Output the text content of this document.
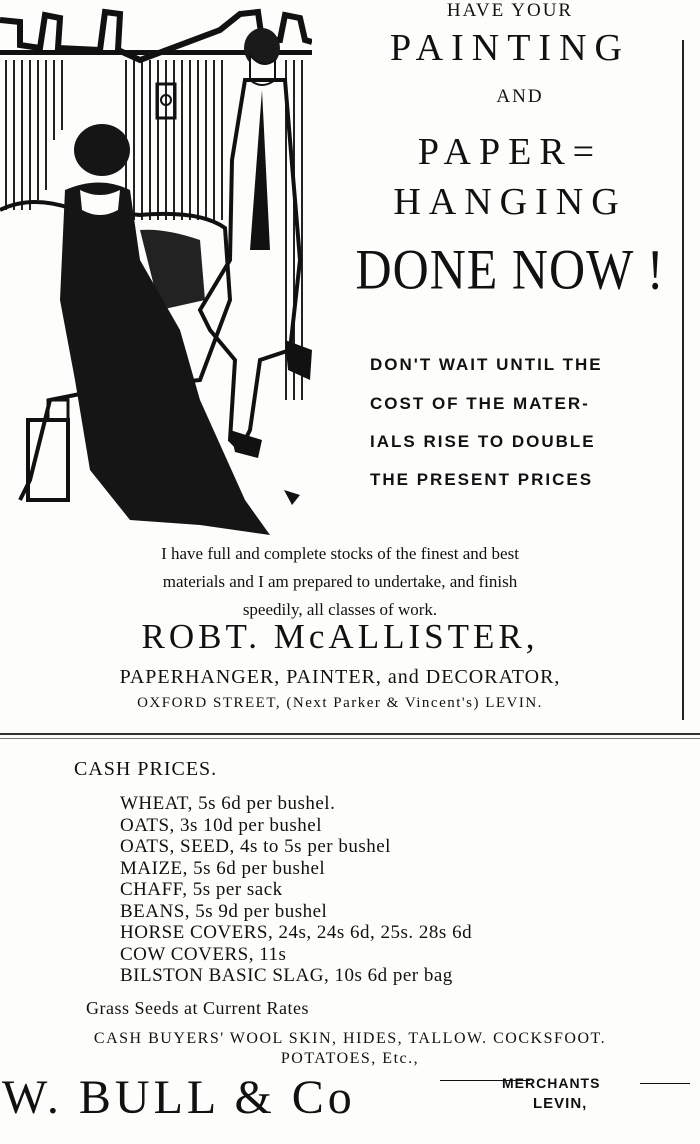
HAVE YOUR
PAINTING
AND
PAPER=
HANGING
DONE NOW !
DON'T WAIT UNTIL THE
COST OF THE MATER-
IALS RISE TO DOUBLE
THE PRESENT PRICES
I have full and complete stocks of the finest and best
materials and I am prepared to undertake, and finish
speedily, all classes of work.
ROBT. McALLISTER,
PAPERHANGER, PAINTER, and DECORATOR,
OXFORD STREET, (Next Parker & Vincent's) LEVIN.
CASH PRICES.
WHEAT, 5s 6d per bushel.
OATS, 3s 10d per bushel
OATS, SEED, 4s to 5s per bushel
MAIZE, 5s 6d per bushel
CHAFF, 5s per sack
BEANS, 5s 9d per bushel
HORSE COVERS, 24s, 24s 6d, 25s. 28s 6d
COW COVERS, 11s
BILSTON BASIC SLAG, 10s 6d per bag
Grass Seeds at Current Rates
CASH BUYERS' WOOL SKIN, HIDES, TALLOW. COCKSFOOT.
POTATOES, Etc.,
W. BULL & Co	MERCHANTS
LEVIN,
